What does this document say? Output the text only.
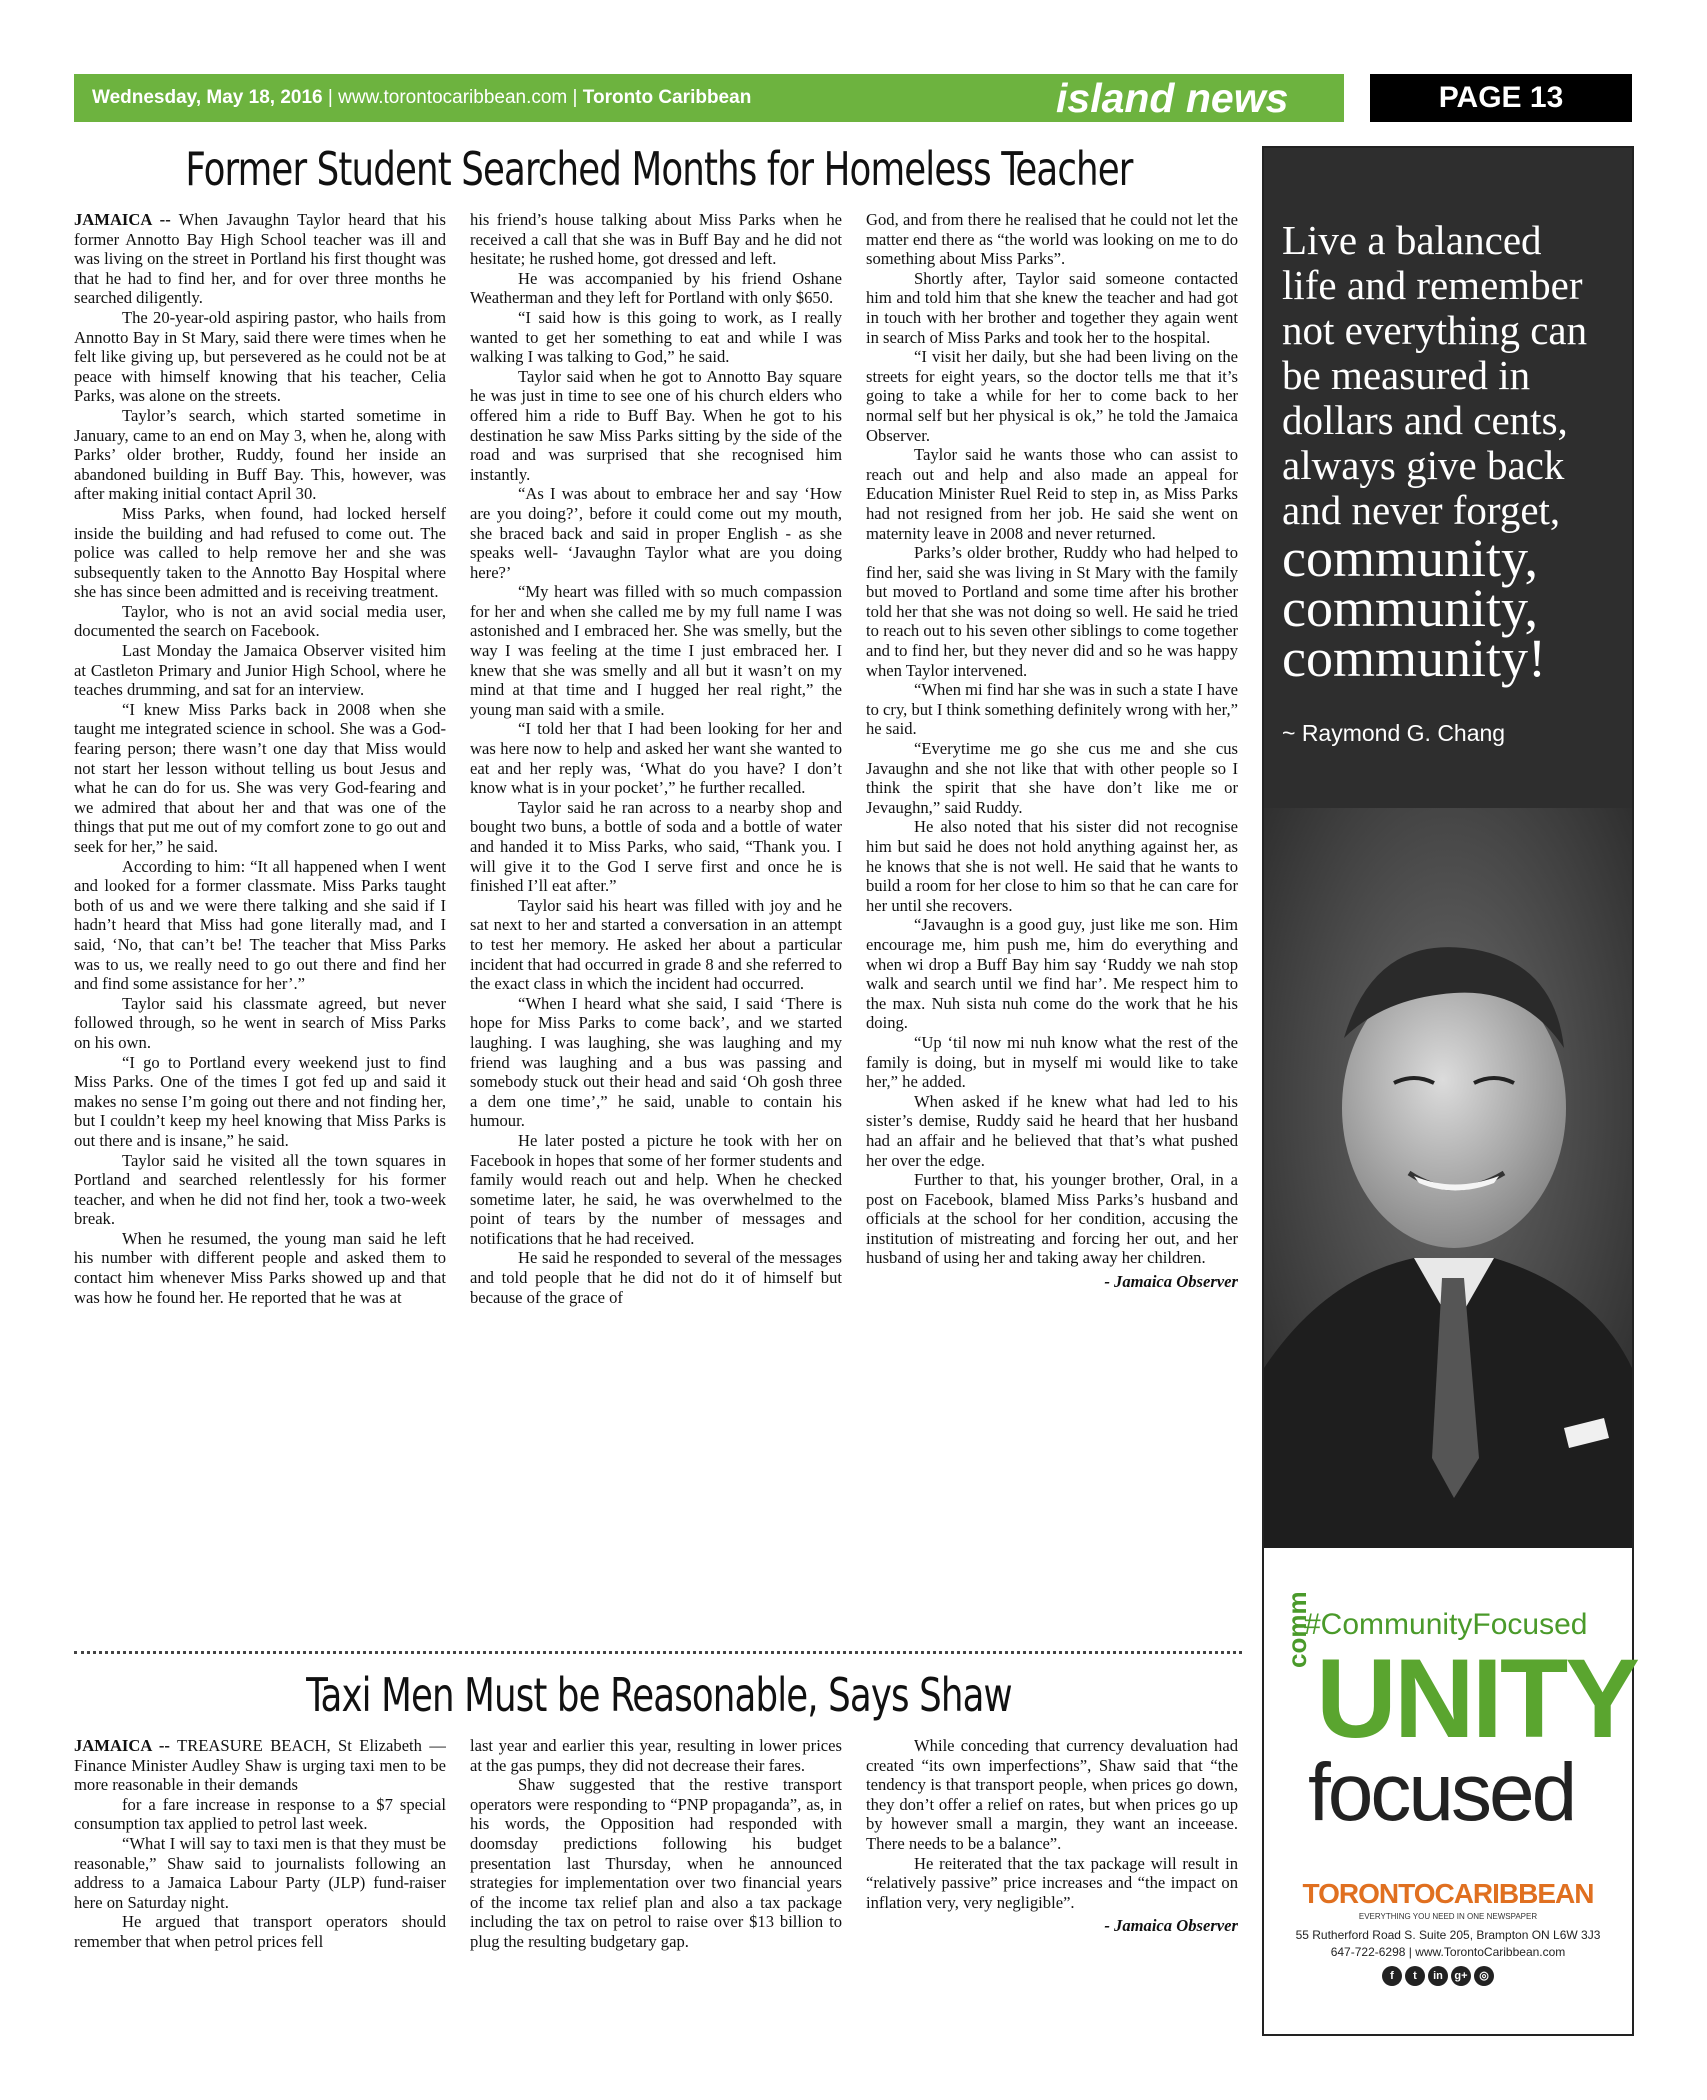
Wednesday, May 18, 2016 | www.torontocaribbean.com | Toronto Caribbean	island news	PAGE 13
Former Student Searched Months for Homeless Teacher

JAMAICA -- When Javaughn Taylor heard that his former Annotto Bay High School teacher was ill and was living on the street in Portland his first thought was that he had to find her, and for over three months he searched diligently.

The 20-year-old aspiring pastor, who hails from Annotto Bay in St Mary, said there were times when he felt like giving up, but persevered as he could not be at peace with himself knowing that his teacher, Celia Parks, was alone on the streets.

Taylor’s search, which started sometime in January, came to an end on May 3, when he, along with Parks’ older brother, Ruddy, found her inside an abandoned building in Buff Bay. This, however, was after making initial contact April 30.

Miss Parks, when found, had locked herself inside the building and had refused to come out. The police was called to help remove her and she was subsequently taken to the Annotto Bay Hospital where she has since been admitted and is receiving treatment.

Taylor, who is not an avid social media user, documented the search on Facebook.

Last Monday the Jamaica Observer visited him at Castleton Primary and Junior High School, where he teaches drumming, and sat for an interview.

“I knew Miss Parks back in 2008 when she taught me integrated science in school. She was a God-fearing person; there wasn’t one day that Miss would not start her lesson without telling us bout Jesus and what he can do for us. She was very God-fearing and we admired that about her and that was one of the things that put me out of my comfort zone to go out and seek for her,” he said.

According to him: “It all happened when I went and looked for a former classmate. Miss Parks taught both of us and we were there talking and she said if I hadn’t heard that Miss had gone literally mad, and I said, ‘No, that can’t be! The teacher that Miss Parks was to us, we really need to go out there and find her and find some assistance for her’.”

Taylor said his classmate agreed, but never followed through, so he went in search of Miss Parks on his own.

“I go to Portland every weekend just to find Miss Parks. One of the times I got fed up and said it makes no sense I’m going out there and not finding her, but I couldn’t keep my heel knowing that Miss Parks is out there and is insane,” he said.

Taylor said he visited all the town squares in Portland and searched relentlessly for his former teacher, and when he did not find her, took a two-week break.

When he resumed, the young man said he left his number with different people and asked them to contact him whenever Miss Parks showed up and that was how he found her. He reported that he was at

his friend’s house talking about Miss Parks when he received a call that she was in Buff Bay and he did not hesitate; he rushed home, got dressed and left.

He was accompanied by his friend Oshane Weatherman and they left for Portland with only $650.

“I said how is this going to work, as I really wanted to get her something to eat and while I was walking I was talking to God,” he said.

Taylor said when he got to Annotto Bay square he was just in time to see one of his church elders who offered him a ride to Buff Bay. When he got to his destination he saw Miss Parks sitting by the side of the road and was surprised that she recognised him instantly.

“As I was about to embrace her and say ‘How are you doing?’, before it could come out my mouth, she braced back and said in proper English - as she speaks well- ‘Javaughn Taylor what are you doing here?’

“My heart was filled with so much compassion for her and when she called me by my full name I was astonished and I embraced her. She was smelly, but the way I was feeling at the time I just embraced her. I knew that she was smelly and all but it wasn’t on my mind at that time and I hugged her real right,” the young man said with a smile.

“I told her that I had been looking for her and was here now to help and asked her want she wanted to eat and her reply was, ‘What do you have? I don’t know what is in your pocket’,” he further recalled.

Taylor said he ran across to a nearby shop and bought two buns, a bottle of soda and a bottle of water and handed it to Miss Parks, who said, “Thank you. I will give it to the God I serve first and once he is finished I’ll eat after.”

Taylor said his heart was filled with joy and he sat next to her and started a conversation in an attempt to test her memory. He asked her about a particular incident that had occurred in grade 8 and she referred to the exact class in which the incident had occurred.

“When I heard what she said, I said ‘There is hope for Miss Parks to come back’, and we started laughing. I was laughing, she was laughing and my friend was laughing and a bus was passing and somebody stuck out their head and said ‘Oh gosh three a dem one time’,” he said, unable to contain his humour.

He later posted a picture he took with her on Facebook in hopes that some of her former students and family would reach out and help. When he checked sometime later, he said, he was overwhelmed to the point of tears by the number of messages and notifications that he had received.

He said he responded to several of the messages and told people that he did not do it of himself but because of the grace of

God, and from there he realised that he could not let the matter end there as “the world was looking on me to do something about Miss Parks”.

Shortly after, Taylor said someone contacted him and told him that she knew the teacher and had got in touch with her brother and together they again went in search of Miss Parks and took her to the hospital.

“I visit her daily, but she had been living on the streets for eight years, so the doctor tells me that it’s going to take a while for her to come back to her normal self but her physical is ok,” he told the Jamaica Observer.

Taylor said he wants those who can assist to reach out and help and also made an appeal for Education Minister Ruel Reid to step in, as Miss Parks had not resigned from her job. He said she went on maternity leave in 2008 and never returned.

Parks’s older brother, Ruddy who had helped to find her, said she was living in St Mary with the family but moved to Portland and some time after his brother told her that she was not doing so well. He said he tried to reach out to his seven other siblings to come together and to find her, but they never did and so he was happy when Taylor intervened.

“When mi find har she was in such a state I have to cry, but I think something definitely wrong with her,” he said.

“Everytime me go she cus me and she cus Javaughn and she not like that with other people so I think the spirit that she have don’t like me or Jevaughn,” said Ruddy.

He also noted that his sister did not recognise him but said he does not hold anything against her, as he knows that she is not well. He said that he wants to build a room for her close to him so that he can care for her until she recovers.

“Javaughn is a good guy, just like me son. Him encourage me, him push me, him do everything and when wi drop a Buff Bay him say ‘Ruddy we nah stop walk and search until we find har’. Me respect him to the max. Nuh sista nuh come do the work that he his doing.

“Up ‘til now mi nuh know what the rest of the family is doing, but in myself mi would like to take her,” he added.

When asked if he knew what had led to his sister’s demise, Ruddy said he heard that her husband had an affair and he believed that that’s what pushed her over the edge.

Further to that, his younger brother, Oral, in a post on Facebook, blamed Miss Parks’s husband and officials at the school for her condition, accusing the institution of mistreating and forcing her out, and her husband of using her and taking away her children.

- Jamaica Observer

Taxi Men Must be Reasonable, Says Shaw

JAMAICA -- TREASURE BEACH, St Elizabeth — Finance Minister Audley Shaw is urging taxi men to be more reasonable in their demands

for a fare increase in response to a $7 special consumption tax applied to petrol last week.

“What I will say to taxi men is that they must be reasonable,” Shaw said to journalists following an address to a Jamaica Labour Party (JLP) fund-raiser here on Saturday night.

He argued that transport operators should remember that when petrol prices fell

last year and earlier this year, resulting in lower prices at the gas pumps, they did not decrease their fares.

Shaw suggested that the restive transport operators were responding to “PNP propaganda”, as, in his words, the Opposition had responded with doomsday predictions following his budget presentation last Thursday, when he announced strategies for implementation over two financial years of the income tax relief plan and also a tax package including the tax on petrol to raise over $13 billion to plug the resulting budgetary gap.

While conceding that currency devaluation had created “its own imperfections”, Shaw said that “the tendency is that transport people, when prices go down, they don’t offer a relief on rates, but when prices go up by however small a margin, they want an inceease. There needs to be a balance”.

He reiterated that the tax package will result in “relatively passive” price increases and “the impact on inflation very, very negligible”.

- Jamaica Observer

Live a balanced
life and remember
not everything can
be measured in
dollars and cents,
always give back
and never forget,
community,
community,
community!
~ Raymond G. Chang
#CommunityFocused
comm
UNITY
focused
TORONTOCARIBBEAN
EVERYTHING YOU NEED IN ONE NEWSPAPER
55 Rutherford Road S. Suite 205, Brampton ON L6W 3J3
647-722-6298 | www.TorontoCaribbean.com
f t in g+ ◎
